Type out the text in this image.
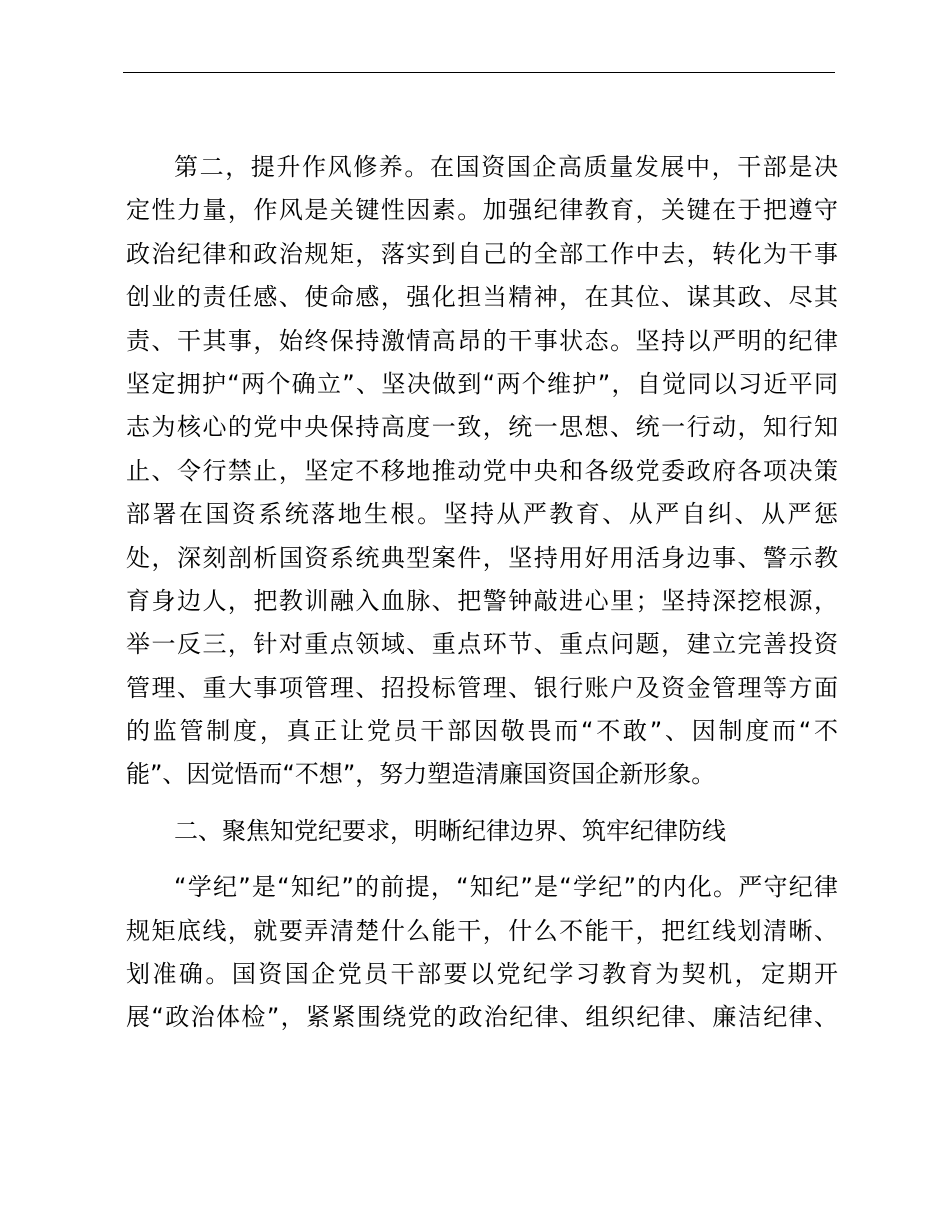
第二，提升作风修养。在国资国企高质量发展中，干部是决
定性力量，作风是关键性因素。加强纪律教育，关键在于把遵守
政治纪律和政治规矩，落实到自己的全部工作中去，转化为干事
创业的责任感、使命感，强化担当精神，在其位、谋其政、尽其
责、干其事，始终保持激情高昂的干事状态。坚持以严明的纪律
坚定拥护“两个确立”、坚决做到“两个维护”，自觉同以习近平同
志为核心的党中央保持高度一致，统一思想、统一行动，知行知
止、令行禁止，坚定不移地推动党中央和各级党委政府各项决策
部署在国资系统落地生根。坚持从严教育、从严自纠、从严惩
处，深刻剖析国资系统典型案件，坚持用好用活身边事、警示教
育身边人，把教训融入血脉、把警钟敲进心里；坚持深挖根源，
举一反三，针对重点领域、重点环节、重点问题，建立完善投资
管理、重大事项管理、招投标管理、银行账户及资金管理等方面
的监管制度，真正让党员干部因敬畏而“不敢”、因制度而“不
能”、因觉悟而“不想”，努力塑造清廉国资国企新形象。
二、聚焦知党纪要求，明晰纪律边界、筑牢纪律防线
“学纪”是“知纪”的前提，“知纪”是“学纪”的内化。严守纪律
规矩底线，就要弄清楚什么能干，什么不能干，把红线划清晰、
划准确。国资国企党员干部要以党纪学习教育为契机，定期开
展“政治体检”，紧紧围绕党的政治纪律、组织纪律、廉洁纪律、
